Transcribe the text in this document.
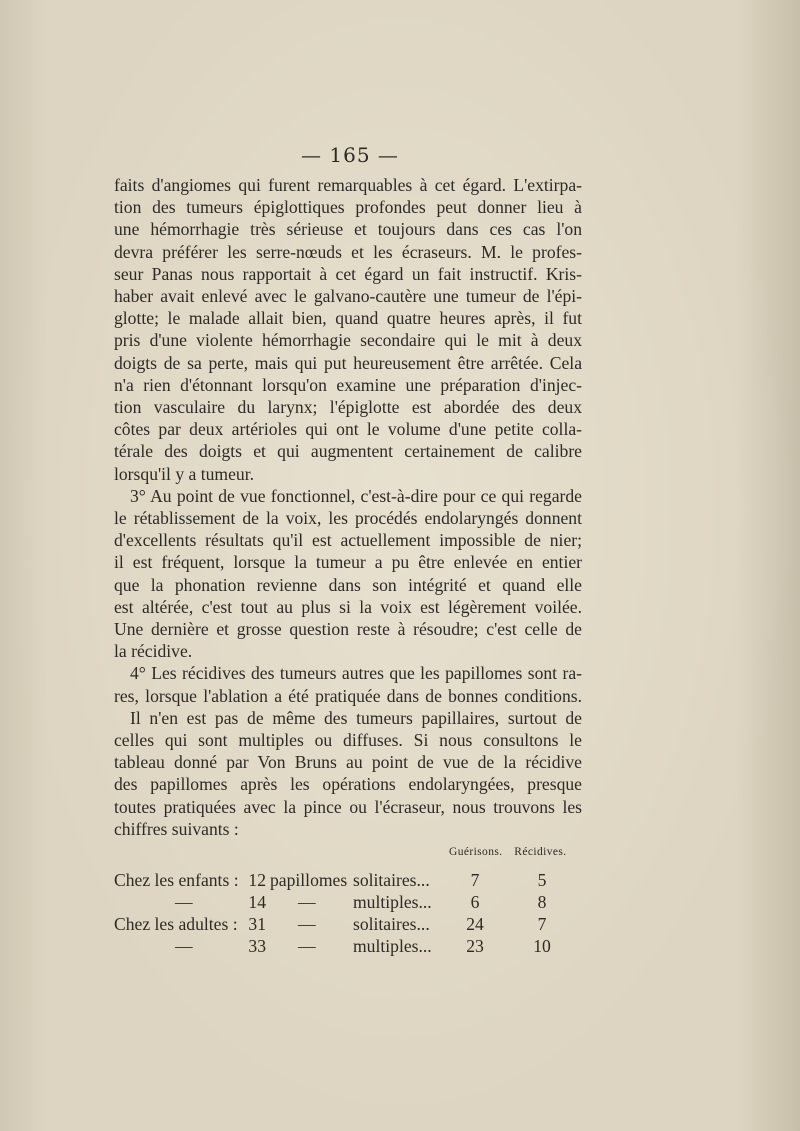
— 165 —
faits d'angiomes qui furent remarquables à cet égard. L'extirpa-
tion des tumeurs épiglottiques profondes peut donner lieu à
une hémorrhagie très sérieuse et toujours dans ces cas l'on
devra préférer les serre-nœuds et les écraseurs. M. le profes-
seur Panas nous rapportait à cet égard un fait instructif. Kris-
haber avait enlevé avec le galvano-cautère une tumeur de l'épi-
glotte; le malade allait bien, quand quatre heures après, il fut
pris d'une violente hémorrhagie secondaire qui le mit à deux
doigts de sa perte, mais qui put heureusement être arrêtée. Cela
n'a rien d'étonnant lorsqu'on examine une préparation d'injec-
tion vasculaire du larynx; l'épiglotte est abordée des deux
côtes par deux artérioles qui ont le volume d'une petite colla-
térale des doigts et qui augmentent certainement de calibre
lorsqu'il y a tumeur.
3° Au point de vue fonctionnel, c'est-à-dire pour ce qui regarde
le rétablissement de la voix, les procédés endolaryngés donnent
d'excellents résultats qu'il est actuellement impossible de nier;
il est fréquent, lorsque la tumeur a pu être enlevée en entier
que la phonation revienne dans son intégrité et quand elle
est altérée, c'est tout au plus si la voix est légèrement voilée.
Une dernière et grosse question reste à résoudre; c'est celle de
la récidive.
4° Les récidives des tumeurs autres que les papillomes sont ra-
res, lorsque l'ablation a été pratiquée dans de bonnes conditions.
Il n'en est pas de même des tumeurs papillaires, surtout de
celles qui sont multiples ou diffuses. Si nous consultons le
tableau donné par Von Bruns au point de vue de la récidive
des papillomes après les opérations endolaryngées, presque
toutes pratiquées avec la pince ou l'écraseur, nous trouvons les
chiffres suivants :
Guérisons. Récidives.
Chez les enfants : 12 papillomes solitaires...	7	5
—	14 — multiples...	6	8
Chez les adultes : 31 — solitaires...	24	7
—	33 — multiples...	23	10
